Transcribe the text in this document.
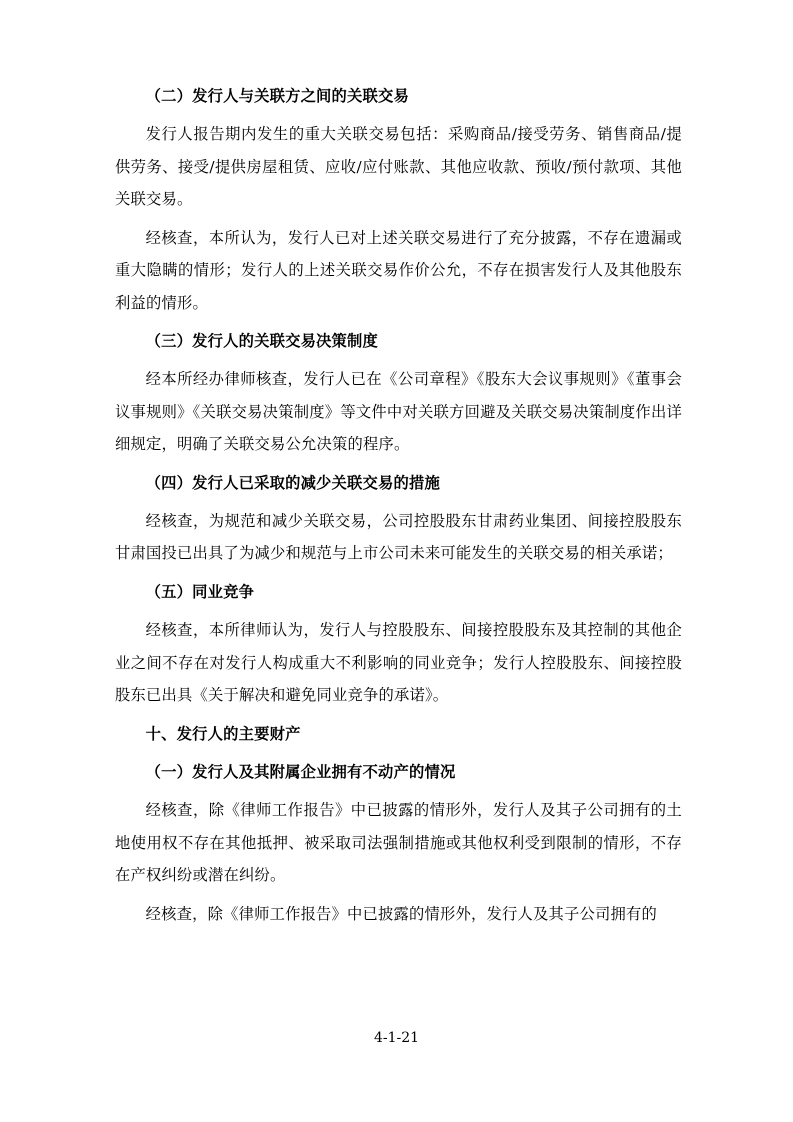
（二）发行人与关联方之间的关联交易

发行人报告期内发生的重大关联交易包括：采购商品/接受劳务、销售商品/提供劳务、接受/提供房屋租赁、应收/应付账款、其他应收款、预收/预付款项、其他关联交易。

经核查，本所认为，发行人已对上述关联交易进行了充分披露，不存在遗漏或重大隐瞒的情形；发行人的上述关联交易作价公允，不存在损害发行人及其他股东利益的情形。

（三）发行人的关联交易决策制度

经本所经办律师核查，发行人已在《公司章程》《股东大会议事规则》《董事会议事规则》《关联交易决策制度》等文件中对关联方回避及关联交易决策制度作出详细规定，明确了关联交易公允决策的程序。

（四）发行人已采取的减少关联交易的措施

经核查，为规范和减少关联交易，公司控股股东甘肃药业集团、间接控股股东甘肃国投已出具了为减少和规范与上市公司未来可能发生的关联交易的相关承诺；

（五）同业竞争

经核查，本所律师认为，发行人与控股股东、间接控股股东及其控制的其他企业之间不存在对发行人构成重大不利影响的同业竞争；发行人控股股东、间接控股股东已出具《关于解决和避免同业竞争的承诺》。

十、发行人的主要财产

（一）发行人及其附属企业拥有不动产的情况

经核查，除《律师工作报告》中已披露的情形外，发行人及其子公司拥有的土地使用权不存在其他抵押、被采取司法强制措施或其他权利受到限制的情形，不存在产权纠纷或潜在纠纷。

经核查，除《律师工作报告》中已披露的情形外，发行人及其子公司拥有的

4-1-21
